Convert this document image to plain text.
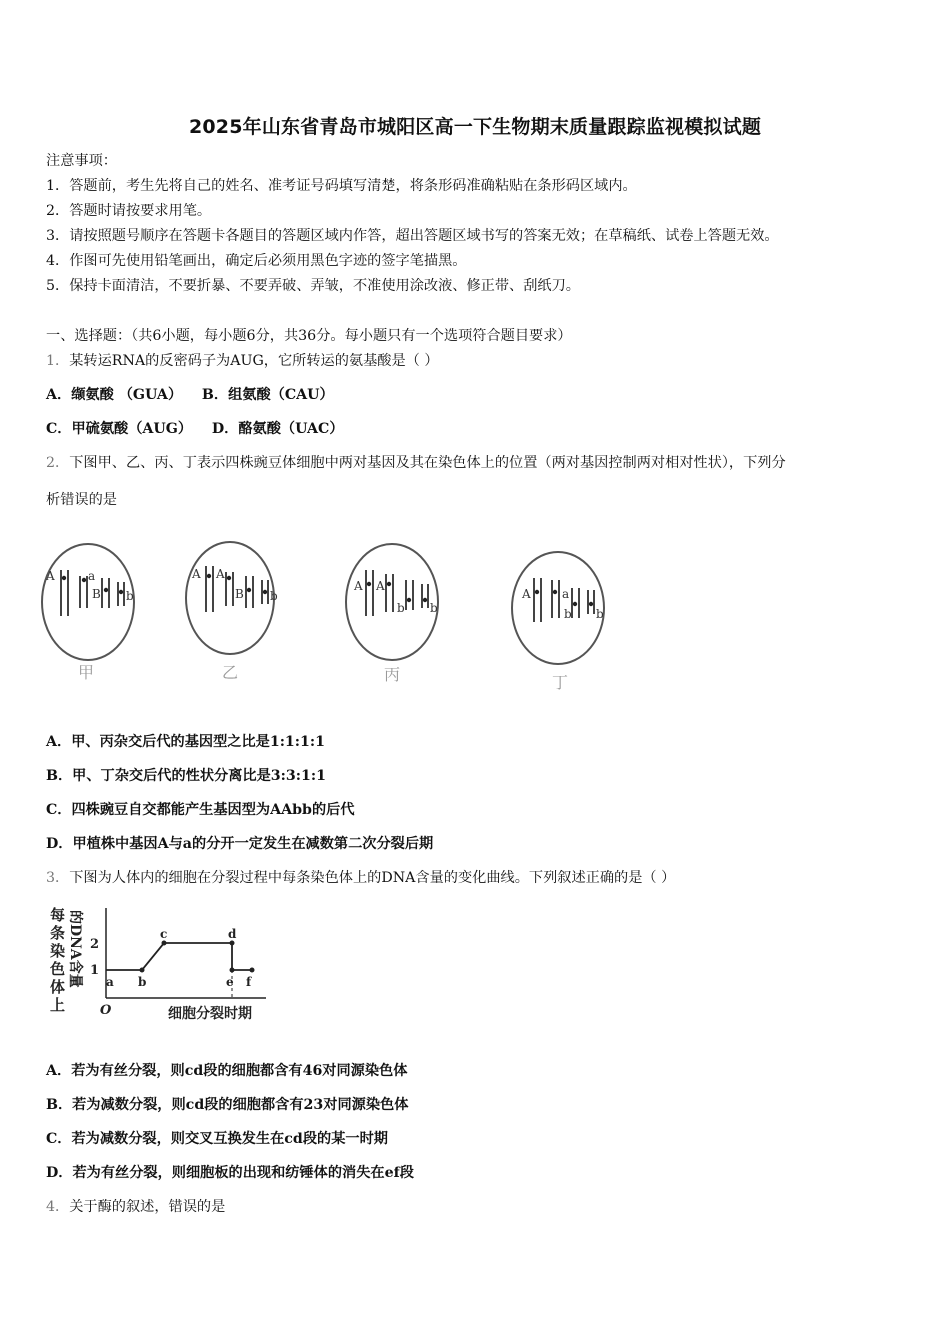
2025年山东省青岛市城阳区高一下生物期末质量跟踪监视模拟试题
注意事项：
1．答题前，考生先将自己的姓名、准考证号码填写清楚，将条形码准确粘贴在条形码区域内。
2．答题时请按要求用笔。
3．请按照题号顺序在答题卡各题目的答题区域内作答，超出答题区域书写的答案无效；在草稿纸、试卷上答题无效。
4．作图可先使用铅笔画出，确定后必须用黑色字迹的签字笔描黑。
5．保持卡面清洁，不要折暴、不要弄破、弄皱，不准使用涂改液、修正带、刮纸刀。
一、选择题：（共6小题，每小题6分，共36分。每小题只有一个选项符合题目要求）
1．某转运RNA的反密码子为AUG，它所转运的氨基酸是（ ）
A．缬氨酸 （GUA）    B．组氨酸（CAU）
C．甲硫氨酸（AUG）    D．酪氨酸（UAC）
2．下图甲、乙、丙、丁表示四株豌豆体细胞中两对基因及其在染色体上的位置（两对基因控制两对相对性状），下列分
析错误的是
A	a
B b
甲
A A
B b
乙
A A
b b
丙
A	a
b b
丁
A．甲、丙杂交后代的基因型之比是1:1:1:1
B．甲、丁杂交后代的性状分离比是3:3:1:1
C．四株豌豆自交都能产生基因型为AAbb的后代
D．甲植株中基因A与a的分开一定发生在减数第二次分裂后期
3．下图为人体内的细胞在分裂过程中每条染色体上的DNA含量的变化曲线。下列叙述正确的是（ ）
每
条
染
色
体
上
的DNA含量
O
1
2
a b
c	d
e f
细胞分裂时期
A．若为有丝分裂，则cd段的细胞都含有46对同源染色体
B．若为减数分裂，则cd段的细胞都含有23对同源染色体
C．若为减数分裂，则交叉互换发生在cd段的某一时期
D．若为有丝分裂，则细胞板的出现和纺锤体的消失在ef段
4．关于酶的叙述，错误的是
